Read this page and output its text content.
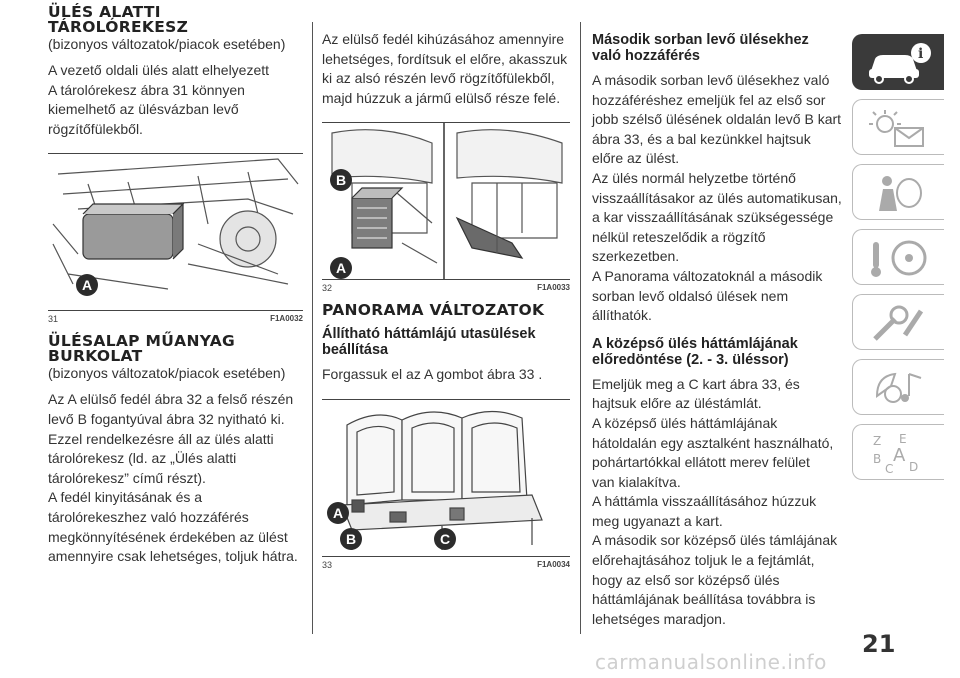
ÜLÉS ALATTI
TÁROLÓREKESZ
(bizonyos változatok/piacok esetében)
A vezető oldali ülés alatt elhelyezett
A tárolórekesz ábra 31 könnyen
kiemelhető az ülésvázban levő
rögzítőfülekből.
A
31	F1A0032
ÜLÉSALAP MŰANYAG
BURKOLAT
(bizonyos változatok/piacok esetében)
Az A elülső fedél ábra 32 a felső részén
levő B fogantyúval ábra 32 nyitható ki.
Ezzel rendelkezésre áll az ülés alatti
tárolórekesz (ld. az „Ülés alatti
tárolórekesz” című részt).
A fedél kinyitásának és a
tárolórekeszhez való hozzáférés
megkönnyítésének érdekében az ülést
amennyire csak lehetséges, toljuk hátra.
Az elülső fedél kihúzásához amennyire
lehetséges, fordítsuk el előre, akasszuk
ki az alsó részén levő rögzítőfülekből,
majd húzzuk a jármű elülső része felé.
B
A
32	F1A0033
PANORAMA VÁLTOZATOK
Állítható háttámlájú utasülések
beállítása
Forgassuk el az A gombot ábra 33 .
A
B	C
33	F1A0034
Második sorban levő ülésekhez
való hozzáférés
A második sorban levő ülésekhez való
hozzáféréshez emeljük fel az első sor
jobb szélső ülésének oldalán levő B kart
ábra 33, és a bal kezünkkel hajtsuk
előre az ülést.
Az ülés normál helyzetbe történő
visszaállításakor az ülés automatikusan,
a kar visszaállításának szükségessége
nélkül reteszelődik a rögzítő
szerkezetben.
A Panorama változatoknál a második
sorban levő oldalsó ülések nem
állíthatók.
A középső ülés háttámlájának
előredöntése (2. - 3. üléssor)
Emeljük meg a C kart ábra 33, és
hajtsuk előre az üléstámlát.
A középső ülés háttámlájának
hátoldalán egy asztalként használható,
pohártartókkal ellátott merev felület
van kialakítva.
A háttámla visszaállításához húzzuk
meg ugyanazt a kart.
A második sor középső ülés támlájának
előrehajtásához toljuk le a fejtámlát,
hogy az első sor középső ülés
háttámlájának beállítása továbbra is
lehetséges maradjon.
i
Z E
B A
C D
21
carmanualsonline.info
